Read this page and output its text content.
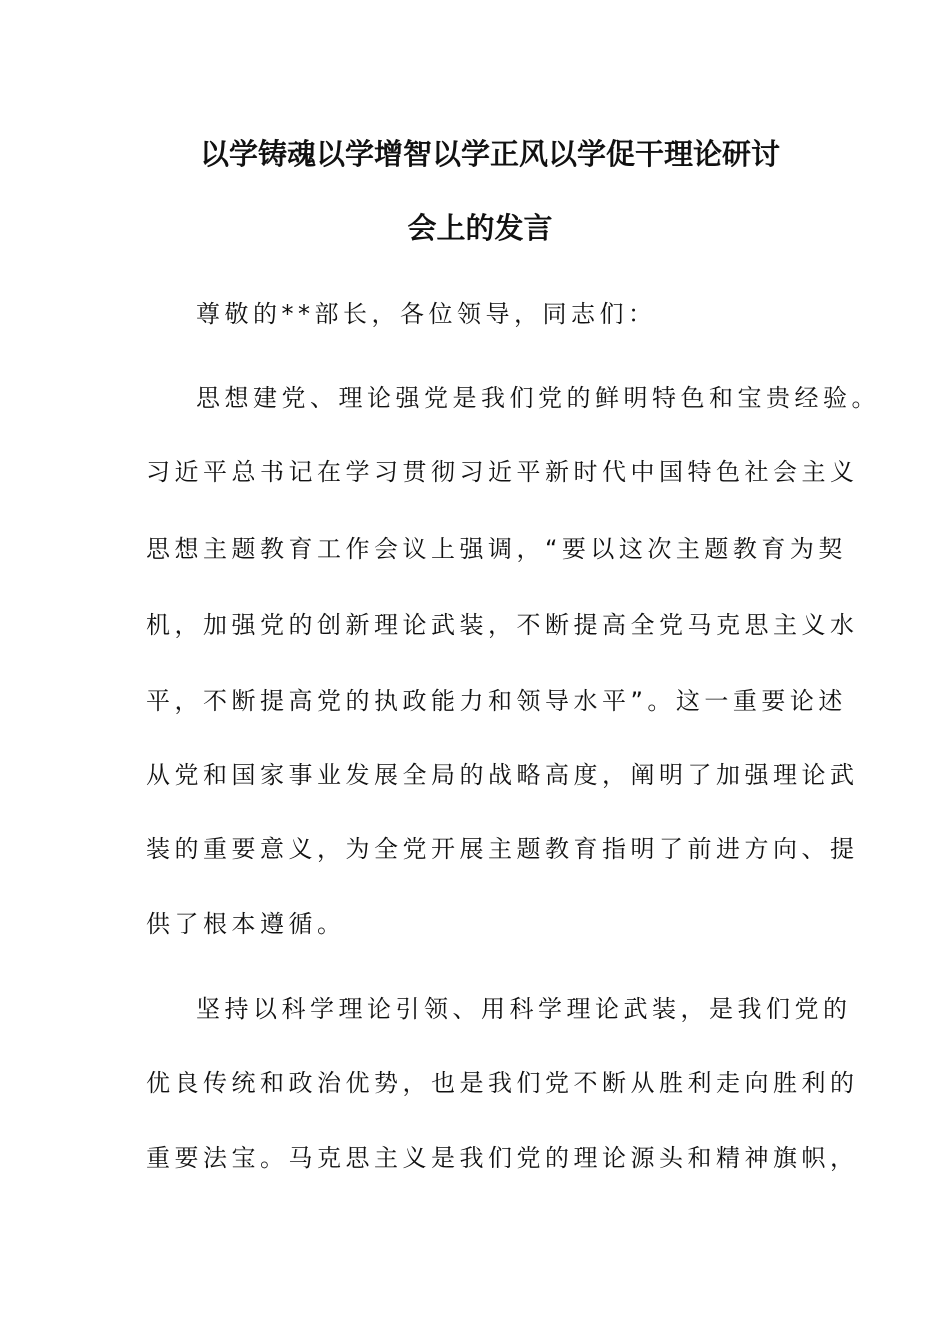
以学铸魂以学增智以学正风以学促干理论研讨
会上的发言
尊敬的**部长，各位领导，同志们：
思想建党、理论强党是我们党的鲜明特色和宝贵经验。
习近平总书记在学习贯彻习近平新时代中国特色社会主义
思想主题教育工作会议上强调，“要以这次主题教育为契
机，加强党的创新理论武装，不断提高全党马克思主义水
平，不断提高党的执政能力和领导水平”。这一重要论述
从党和国家事业发展全局的战略高度，阐明了加强理论武
装的重要意义，为全党开展主题教育指明了前进方向、提
供了根本遵循。
坚持以科学理论引领、用科学理论武装，是我们党的
优良传统和政治优势，也是我们党不断从胜利走向胜利的
重要法宝。马克思主义是我们党的理论源头和精神旗帜，
